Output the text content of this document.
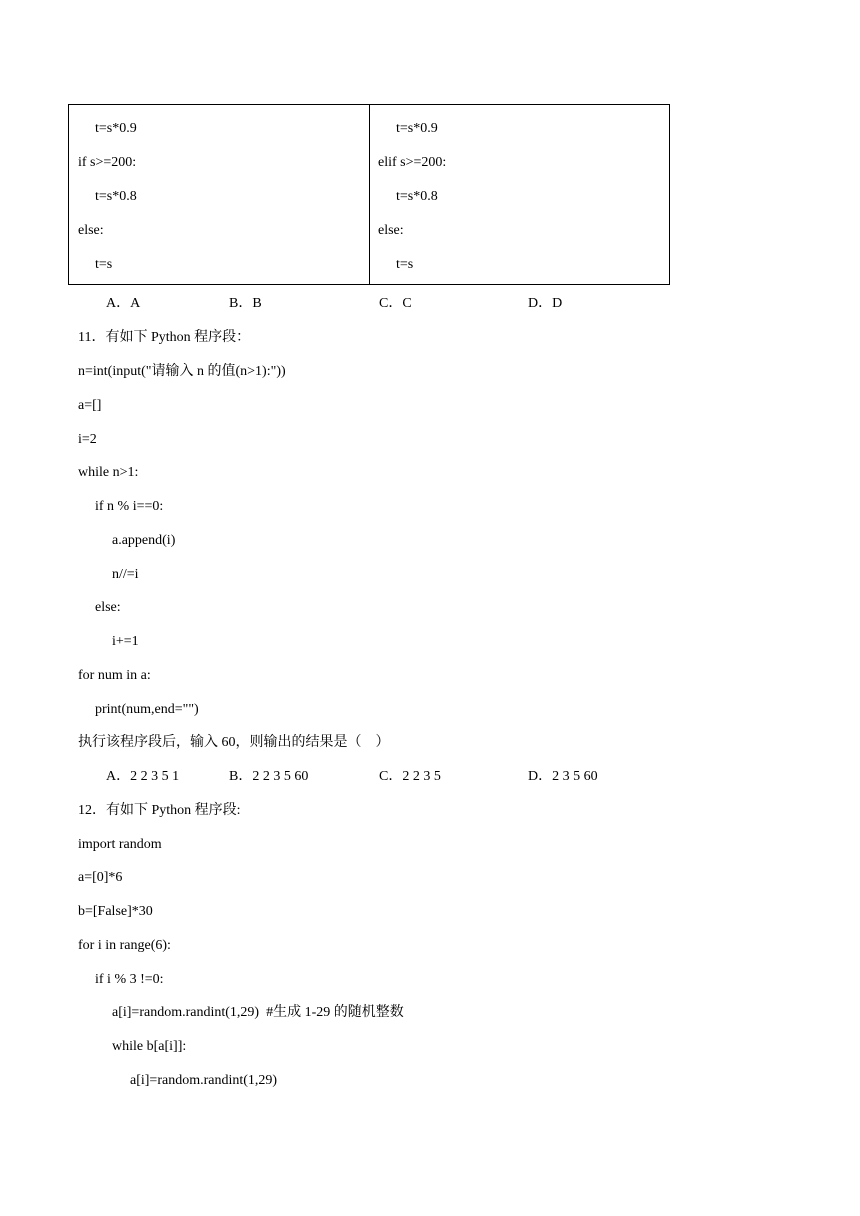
t=s*0.9
if s>=200:
t=s*0.8
else:
t=s
t=s*0.9
elif s>=200:
t=s*0.8
else:
t=s
A．A	B．B	C．C	D．D
11．有如下 Python 程序段：
n=int(input("请输入 n 的值(n>1):"))
a=[]
i=2
while n>1:
if n % i==0:
a.append(i)
n//=i
else:
i+=1
for num in a:
print(num,end="")
执行该程序段后，输入 60，则输出的结果是（　）
A．2 2 3 5 1	B．2 2 3 5 60	C．2 2 3 5	D．2 3 5 60
12．有如下 Python 程序段:
import random
a=[0]*6
b=[False]*30
for i in range(6):
if i % 3 !=0:
a[i]=random.randint(1,29)  #生成 1-29 的随机整数
while b[a[i]]:
a[i]=random.randint(1,29)
